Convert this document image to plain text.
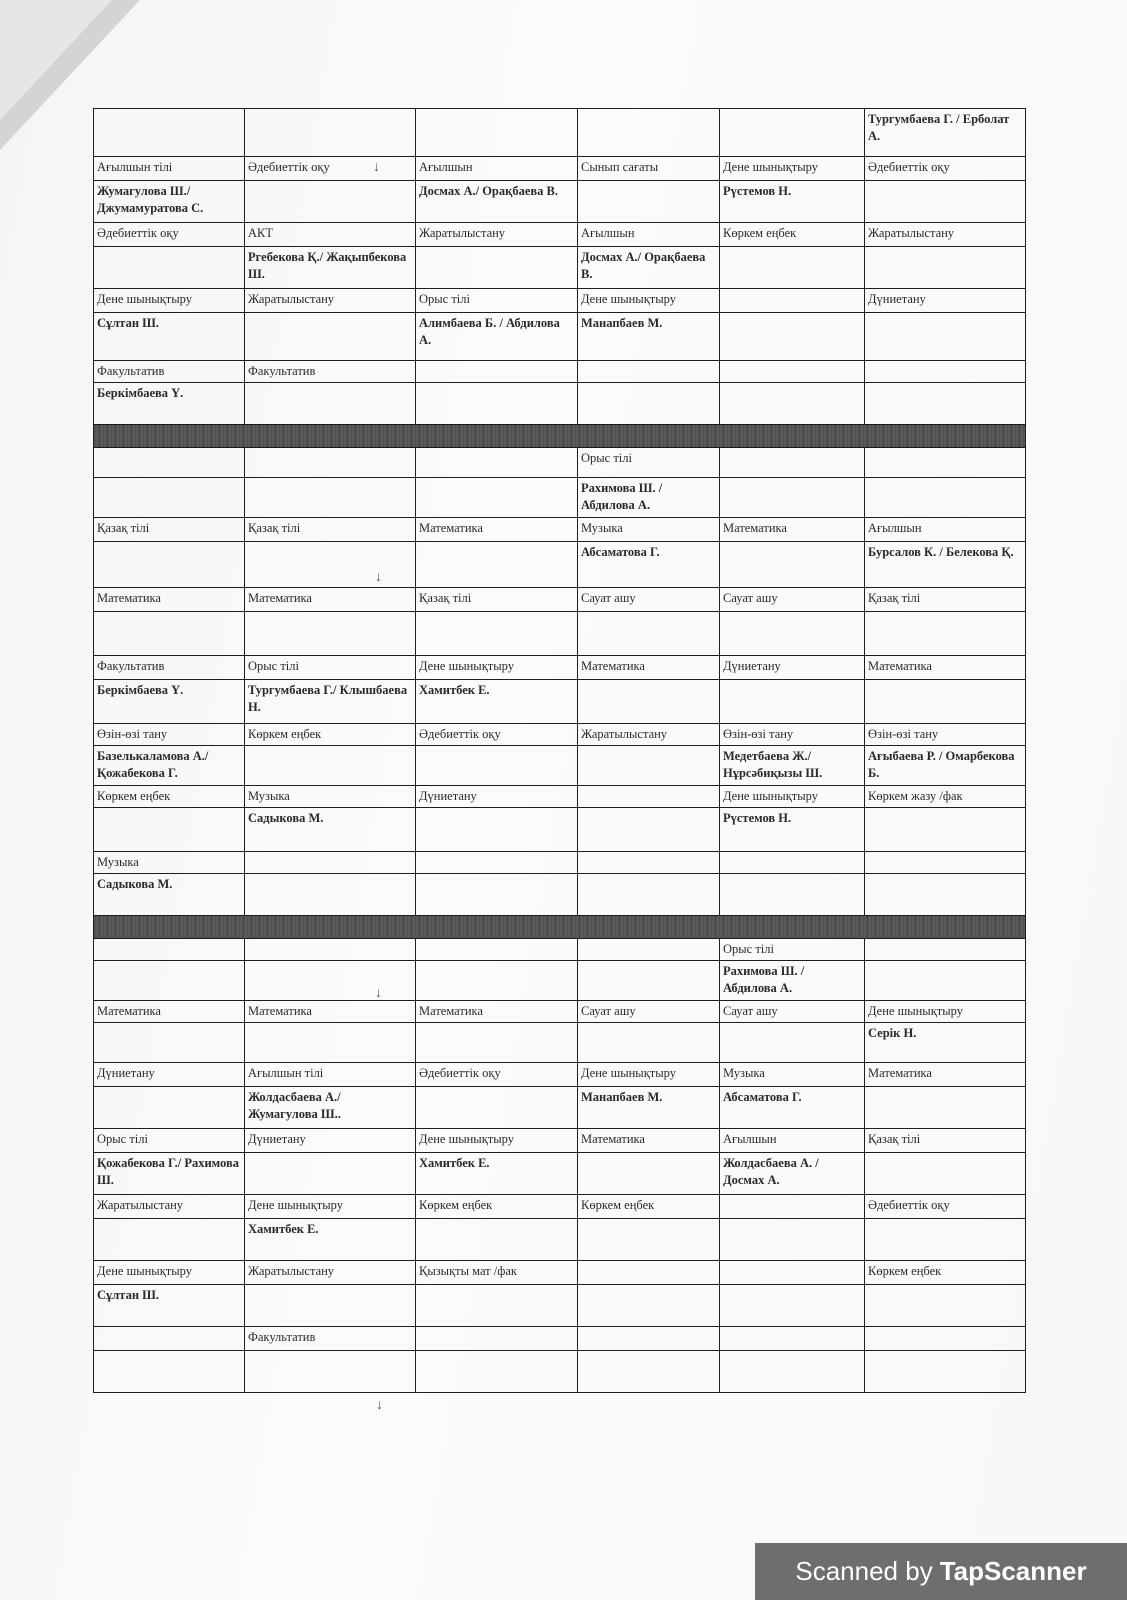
					Тургумбаева Г. / Ерболат А.
Ағылшын тілі	Әдебиеттік оқу	Ағылшын	Сынып сағаты	Дене шынықтыру	Әдебиеттік оқу
Жумагулова Ш./ Джумамуратова С.		Досмах А./ Орақбаева В.		Рүстемов Н.	
Әдебиеттік оқу	АКТ	Жаратылыстану	Ағылшын	Көркем еңбек	Жаратылыстану
	Ргебекова Қ./ Жақыпбекова Ш.		Досмах А./ Орақбаева В.		
Дене шынықтыру	Жаратылыстану	Орыс тілі	Дене шынықтыру		Дүниетану
Сұлтан Ш.		Алимбаева Б. / Абдилова А.	Манапбаев М.		
Факультатив	Факультатив				
Беркімбаева Ү.					

			Орыс тілі		
			Рахимова Ш. / Абдилова А.		
Қазақ тілі	Қазақ тілі	Математика	Музыка	Математика	Ағылшын
			Абсаматова Г.		Бурсалов К. / Белекова Қ.
Математика	Математика	Қазақ тілі	Сауат ашу	Сауат ашу	Қазақ тілі

Факультатив	Орыс тілі	Дене шынықтыру	Математика	Дүниетану	Математика
Беркімбаева Ү.	Тургумбаева Г./ Клышбаева Н.	Хамитбек Е.			
Өзін-өзі тану	Көркем еңбек	Әдебиеттік оқу	Жаратылыстану	Өзін-өзі тану	Өзін-өзі тану
Базелькаламова А./ Қожабекова Г.				Медетбаева Ж./ Нұрсәбиқызы Ш.	Ағыбаева Р. / Омарбекова Б.
Көркем еңбек	Музыка	Дүниетану		Дене шынықтыру	Көркем жазу /фак
	Садыкова М.			Рүстемов Н.	
Музыка					
Садыкова М.					

				Орыс тілі	
				Рахимова Ш. / Абдилова А.	
Математика	Математика	Математика	Сауат ашу	Сауат ашу	Дене шынықтыру
					Серік Н.
Дүниетану	Ағылшын тілі	Әдебиеттік оқу	Дене шынықтыру	Музыка	Математика
	Жолдасбаева А./ Жумагулова Ш..		Манапбаев М.	Абсаматова Г.	
Орыс тілі	Дүниетану	Дене шынықтыру	Математика	Ағылшын	Қазақ тілі
Қожабекова Г./ Рахимова Ш.		Хамитбек Е.		Жолдасбаева А. / Досмах А.	
Жаратылыстану	Дене шынықтыру	Көркем еңбек	Көркем еңбек		Әдебиеттік оқу
	Хамитбек Е.				
Дене шынықтыру	Жаратылыстану	Қызықты мат /фак			Көркем еңбек
Сұлтан Ш.					
	Факультатив				

↓
↓
↓
↓
Scanned by TapScanner
